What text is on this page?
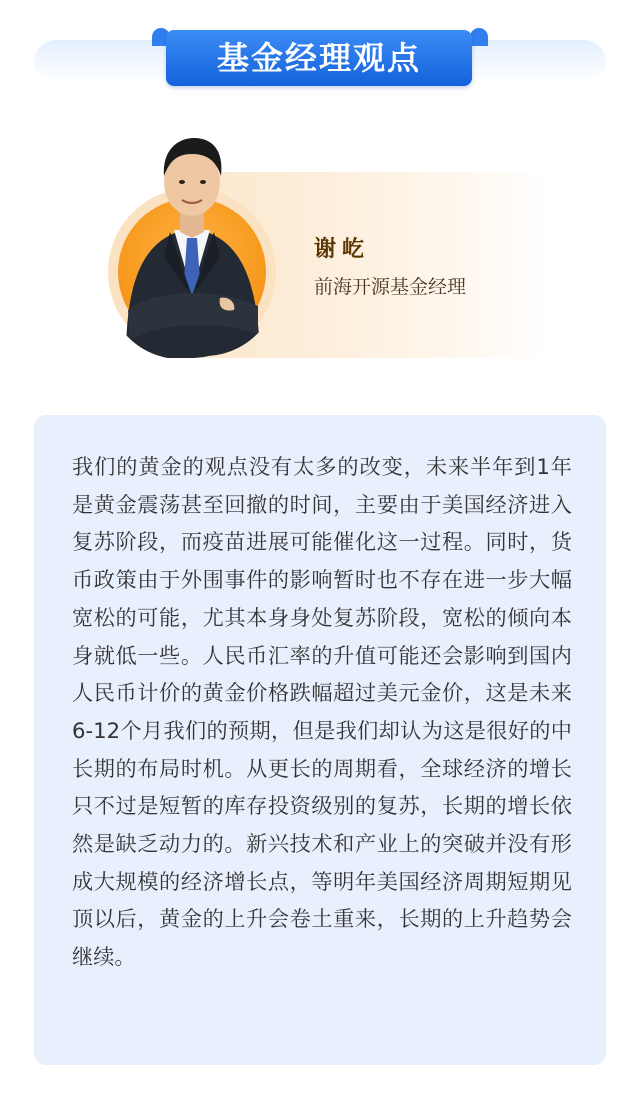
基金经理观点
谢屹
前海开源基金经理
我们的黄金的观点没有太多的改变，未来半年到1年是黄金震荡甚至回撤的时间，主要由于美国经济进入复苏阶段，而疫苗进展可能催化这一过程。同时，货币政策由于外围事件的影响暂时也不存在进一步大幅宽松的可能，尤其本身身处复苏阶段，宽松的倾向本身就低一些。人民币汇率的升值可能还会影响到国内人民币计价的黄金价格跌幅超过美元金价，这是未来6-12个月我们的预期，但是我们却认为这是很好的中长期的布局时机。从更长的周期看，全球经济的增长只不过是短暂的库存投资级别的复苏，长期的增长依然是缺乏动力的。新兴技术和产业上的突破并没有形成大规模的经济增长点，等明年美国经济周期短期见顶以后，黄金的上升会卷土重来，长期的上升趋势会继续。
